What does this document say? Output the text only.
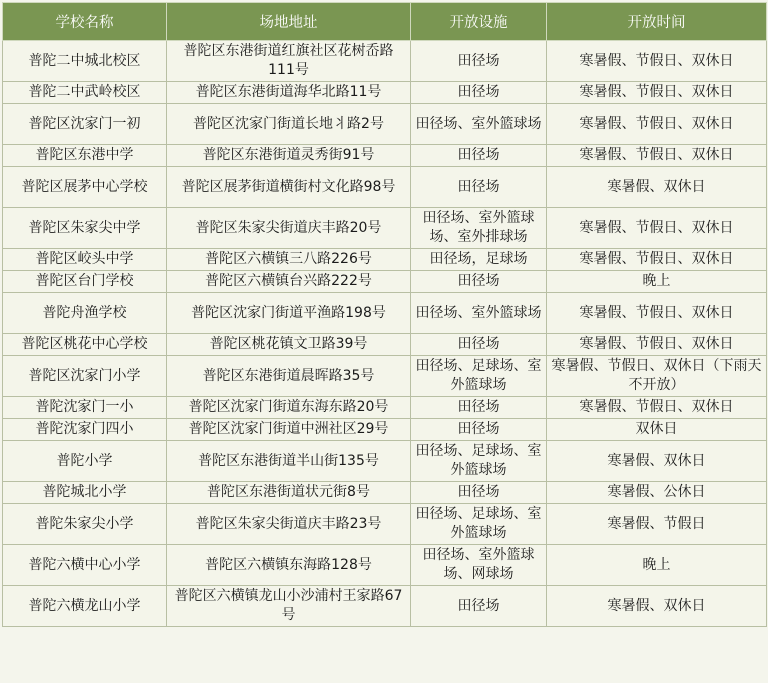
学校名称	场地地址	开放设施	开放时间
普陀二中城北校区	普陀区东港街道红旗社区花树岙路111号	田径场	寒暑假、节假日、双休日
普陀二中武岭校区	普陀区东港街道海华北路11号	田径场	寒暑假、节假日、双休日
普陀区沈家门一初	普陀区沈家门街道长地丬路2号	田径场、室外篮球场	寒暑假、节假日、双休日
普陀区东港中学	普陀区东港街道灵秀街91号	田径场	寒暑假、节假日、双休日
普陀区展茅中心学校	普陀区展茅街道横街村文化路98号	田径场	寒暑假、双休日
普陀区朱家尖中学	普陀区朱家尖街道庆丰路20号	田径场、室外篮球场、室外排球场	寒暑假、节假日、双休日
普陀区峧头中学	普陀区六横镇三八路226号	田径场，足球场	寒暑假、节假日、双休日
普陀区台门学校	普陀区六横镇台兴路222号	田径场	晚上
普陀舟渔学校	普陀区沈家门街道平渔路198号	田径场、室外篮球场	寒暑假、节假日、双休日
普陀区桃花中心学校	普陀区桃花镇文卫路39号	田径场	寒暑假、节假日、双休日
普陀区沈家门小学	普陀区东港街道晨晖路35号	田径场、足球场、室外篮球场	寒暑假、节假日、双休日（下雨天不开放）
普陀沈家门一小	普陀区沈家门街道东海东路20号	田径场	寒暑假、节假日、双休日
普陀沈家门四小	普陀区沈家门街道中洲社区29号	田径场	双休日
普陀小学	普陀区东港街道半山街135号	田径场、足球场、室外篮球场	寒暑假、双休日
普陀城北小学	普陀区东港街道状元街8号	田径场	寒暑假、公休日
普陀朱家尖小学	普陀区朱家尖街道庆丰路23号	田径场、足球场、室外篮球场	寒暑假、节假日
普陀六横中心小学	普陀区六横镇东海路128号	田径场、室外篮球场、网球场	晚上
普陀六横龙山小学	普陀区六横镇龙山小沙浦村王家路67号	田径场	寒暑假、双休日
